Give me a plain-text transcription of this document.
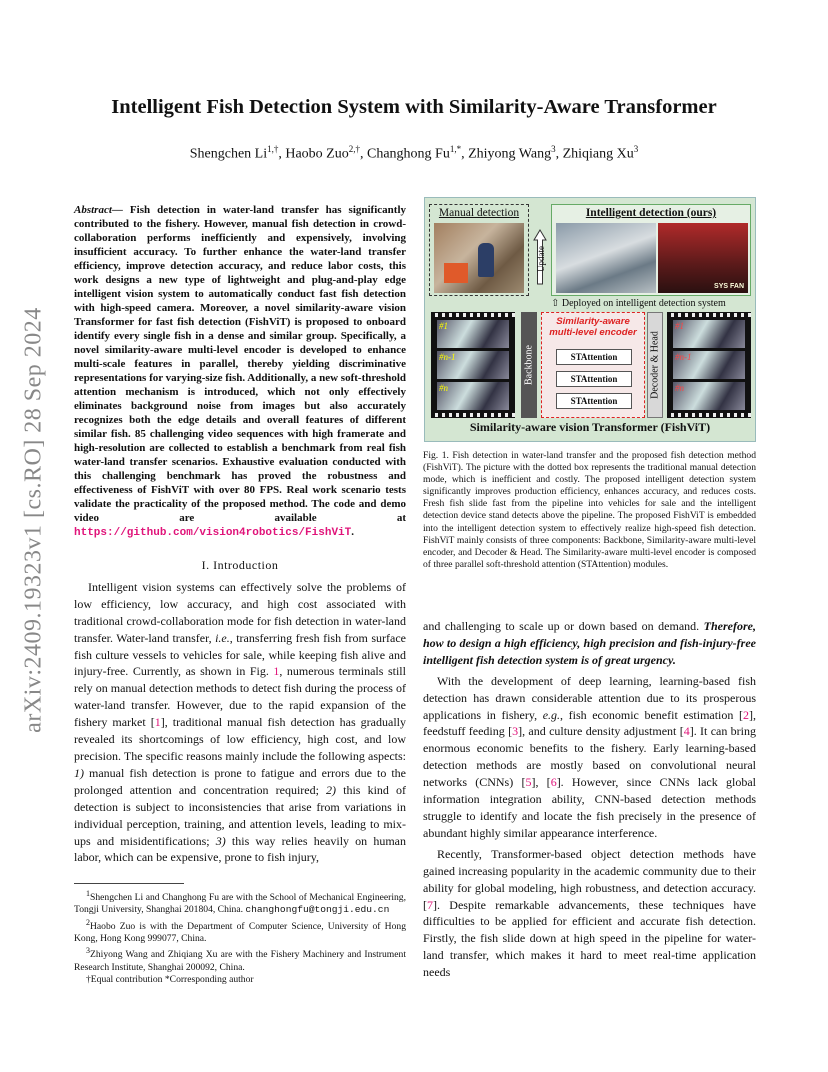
arXiv:2409.19323v1 [cs.RO] 28 Sep 2024
Intelligent Fish Detection System with Similarity-Aware Transformer
Shengchen $Li^{1,\dagger}$, Haobo Zuo$^{2,\dagger}$, Changhong $Fu^{1,*}$, Zhiyong Wang$^3$, Zhiqiang Xu$^3$

Abstract— Fish detection in water-land transfer has significantly contributed to the fishery. However, manual fish detection in crowd-collaboration performs inefficiently and expensively, involving insufficient accuracy. To further enhance the water-land transfer efficiency, improve detection accuracy, and reduce labor costs, this work designs a new type of lightweight and plug-and-play edge intelligent vision system to automatically conduct fast fish detection with high-speed camera. Moreover, a novel similarity-aware vision Transformer for fast fish detection (FishViT) is proposed to onboard identify every single fish in a dense and similar group. Specifically, a novel similarity-aware multi-level encoder is developed to enhance multi-scale features in parallel, thereby yielding discriminative representations for varying-size fish. Additionally, a new soft-threshold attention mechanism is introduced, which not only effectively eliminates background noise from images but also accurately recognizes both the edge details and overall features of different similar fish. 85 challenging video sequences with high framerate and high-resolution are collected to establish a benchmark from real fish water-land transfer scenarios. Exhaustive evaluation conducted with this challenging benchmark has proved the robustness and effectiveness of FishViT with over 80 FPS. Real work scenario tests validate the practicality of the proposed method. The code and demo video are available at https://github.com/vision4robotics/FishViT.

I. Introduction

Intelligent vision systems can effectively solve the problems of low efficiency, low accuracy, and high cost associated with traditional crowd-collaboration mode for fish detection in water-land transfer. Water-land transfer, i.e., transferring fresh fish from surface fish culture vessels to vehicles for sale, while keeping fish alive and injury-free. Currently, as shown in Fig. 1, numerous terminals still rely on manual detection methods to detect fish during the process of water-land transfer. However, due to the rapid expansion of the fishery market [1], traditional manual fish detection has gradually revealed its shortcomings of low efficiency, high cost, and low precision. The specific reasons mainly include the following aspects: 1) manual fish detection is prone to fatigue and errors due to the prolonged attention and concentration required; 2) this kind of detection is subject to inconsistencies that arise from variations in individual perception, training, and attention levels, leading to mix-ups and misidentifications; 3) this way relies heavily on human labor, which can be expensive, prone to fish injury,

$^1$Shengchen Li and Changhong Fu are with the School of Mechanical Engineering, Tongji University, Shanghai 201804, China. changhongfu@tongji.edu.cn

$^2$Haobo Zuo is with the Department of Computer Science, University of Hong Kong, Hong Kong 999077, China.

$^3$Zhiyong Wang and Zhiqiang Xu are with the Fishery Machinery and Instrument Research Institute, Shanghai 200092, China.

†Equal contribution *Corresponding author

Manual detection
Update
Intelligent detection (ours)
SYS FAN
⇧ Deployed on intelligent detection system
#1
#n-1
#n
Backbone
Similarity-aware multi-level encoder
STAttention
STAttention
STAttention
Decoder & Head
#1
#n-1
#n
Similarity-aware vision Transformer (FishViT)
Fig. 1. Fish detection in water-land transfer and the proposed fish detection method (FishViT). The picture with the dotted box represents the traditional manual detection mode, which is inefficient and costly. The proposed intelligent detection system significantly improves production efficiency, enhances accuracy, and reduces costs. Fresh fish slide fast from the pipeline into vehicles for sale and the intelligent detection device stand detects above the pipeline. The proposed FishViT is embedded into the intelligent detection system to effectively realize high-speed fish detection. FishViT mainly consists of three components: Backbone, Similarity-aware multi-level encoder, and Decoder & Head. The Similarity-aware multi-level encoder is composed of three parallel soft-threshold attention (STAttention) modules.

and challenging to scale up or down based on demand. Therefore, how to design a high efficiency, high precision and fish-injury-free intelligent fish detection system is of great urgency.

With the development of deep learning, learning-based fish detection has drawn considerable attention due to its prosperous applications in fishery, e.g., fish economic benefit estimation [2], feedstuff feeding [3], and culture density adjustment [4]. It can bring enormous economic benefits to the fishery. Early learning-based detection methods are mostly based on convolutional neural networks (CNNs) [5], [6]. However, since CNNs lack global information integration ability, CNN-based detection methods struggle to identify and locate the fish precisely in the presence of abundant highly similar appearance interference.

Recently, Transformer-based object detection methods have gained increasing popularity in the academic community due to their ability for global modeling, high robustness, and detection accuracy. [7]. Despite remarkable advancements, these techniques have difficulties to be applied for efficient and accurate fish detection. Firstly, the fish slide down at high speed in the pipeline for water-land transfer, which makes it hard to meet real-time application needs
